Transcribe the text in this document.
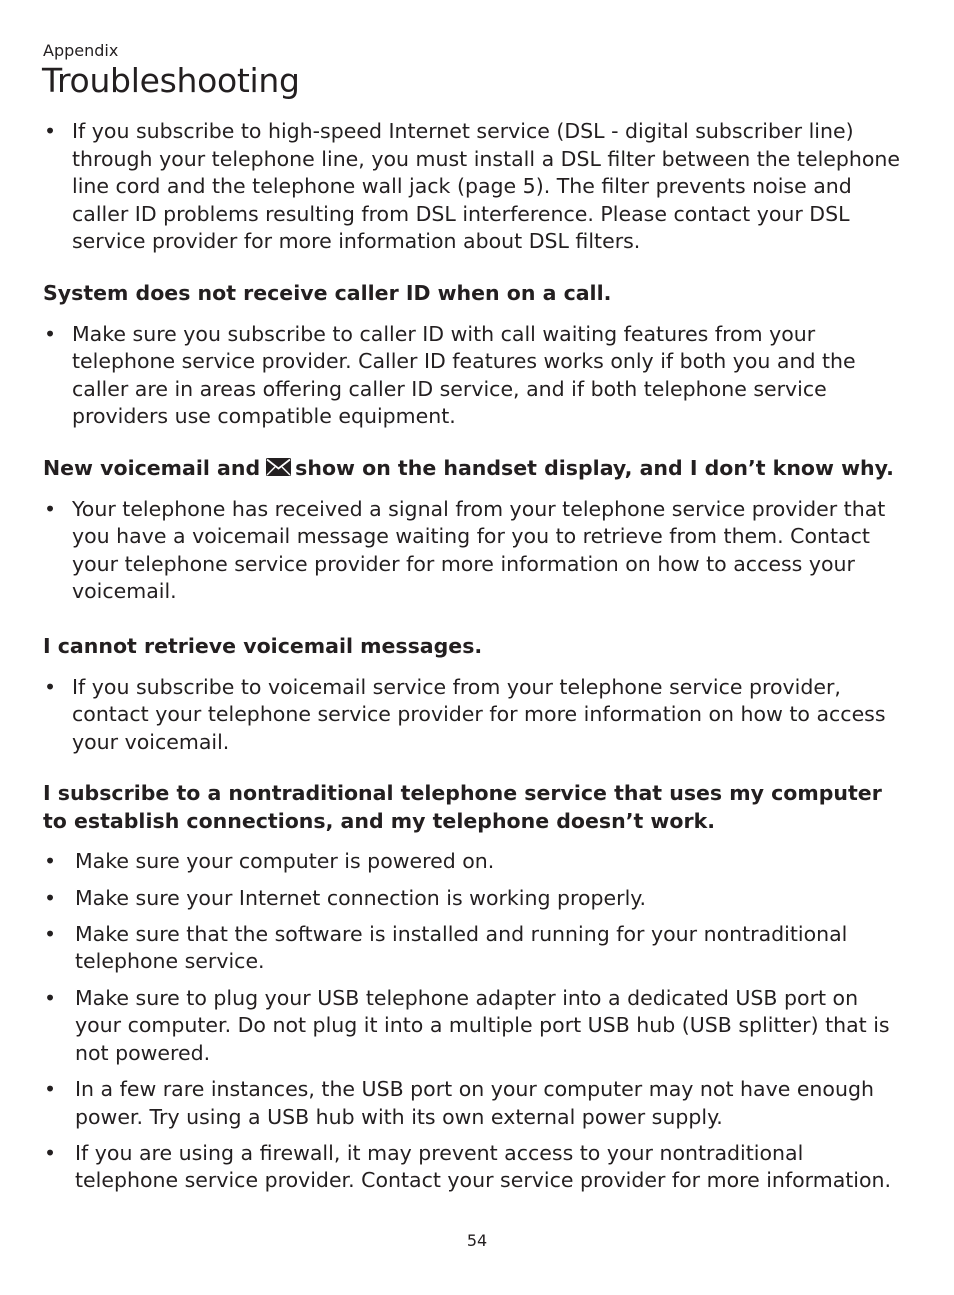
Appendix
Troubleshooting
• If you subscribe to high-speed Internet service (DSL - digital subscriber line) through your telephone line, you must install a DSL filter between the telephone line cord and the telephone wall jack (page 5). The filter prevents noise and caller ID problems resulting from DSL interference. Please contact your DSL service provider for more information about DSL filters.
System does not receive caller ID when on a call.
• Make sure you subscribe to caller ID with call waiting features from your telephone service provider. Caller ID features works only if both you and the caller are in areas offering caller ID service, and if both telephone service providers use compatible equipment.
New voicemail and show on the handset display, and I don’t know why.
• Your telephone has received a signal from your telephone service provider that you have a voicemail message waiting for you to retrieve from them. Contact your telephone service provider for more information on how to access your voicemail.
I cannot retrieve voicemail messages.
• If you subscribe to voicemail service from your telephone service provider, contact your telephone service provider for more information on how to access your voicemail.
I subscribe to a nontraditional telephone service that uses my computer to establish connections, and my telephone doesn’t work.
• Make sure your computer is powered on.
• Make sure your Internet connection is working properly.
• Make sure that the software is installed and running for your nontraditional telephone service.
• Make sure to plug your USB telephone adapter into a dedicated USB port on your computer. Do not plug it into a multiple port USB hub (USB splitter) that is not powered.
• In a few rare instances, the USB port on your computer may not have enough power. Try using a USB hub with its own external power supply.
• If you are using a firewall, it may prevent access to your nontraditional telephone service provider. Contact your service provider for more information.
54
